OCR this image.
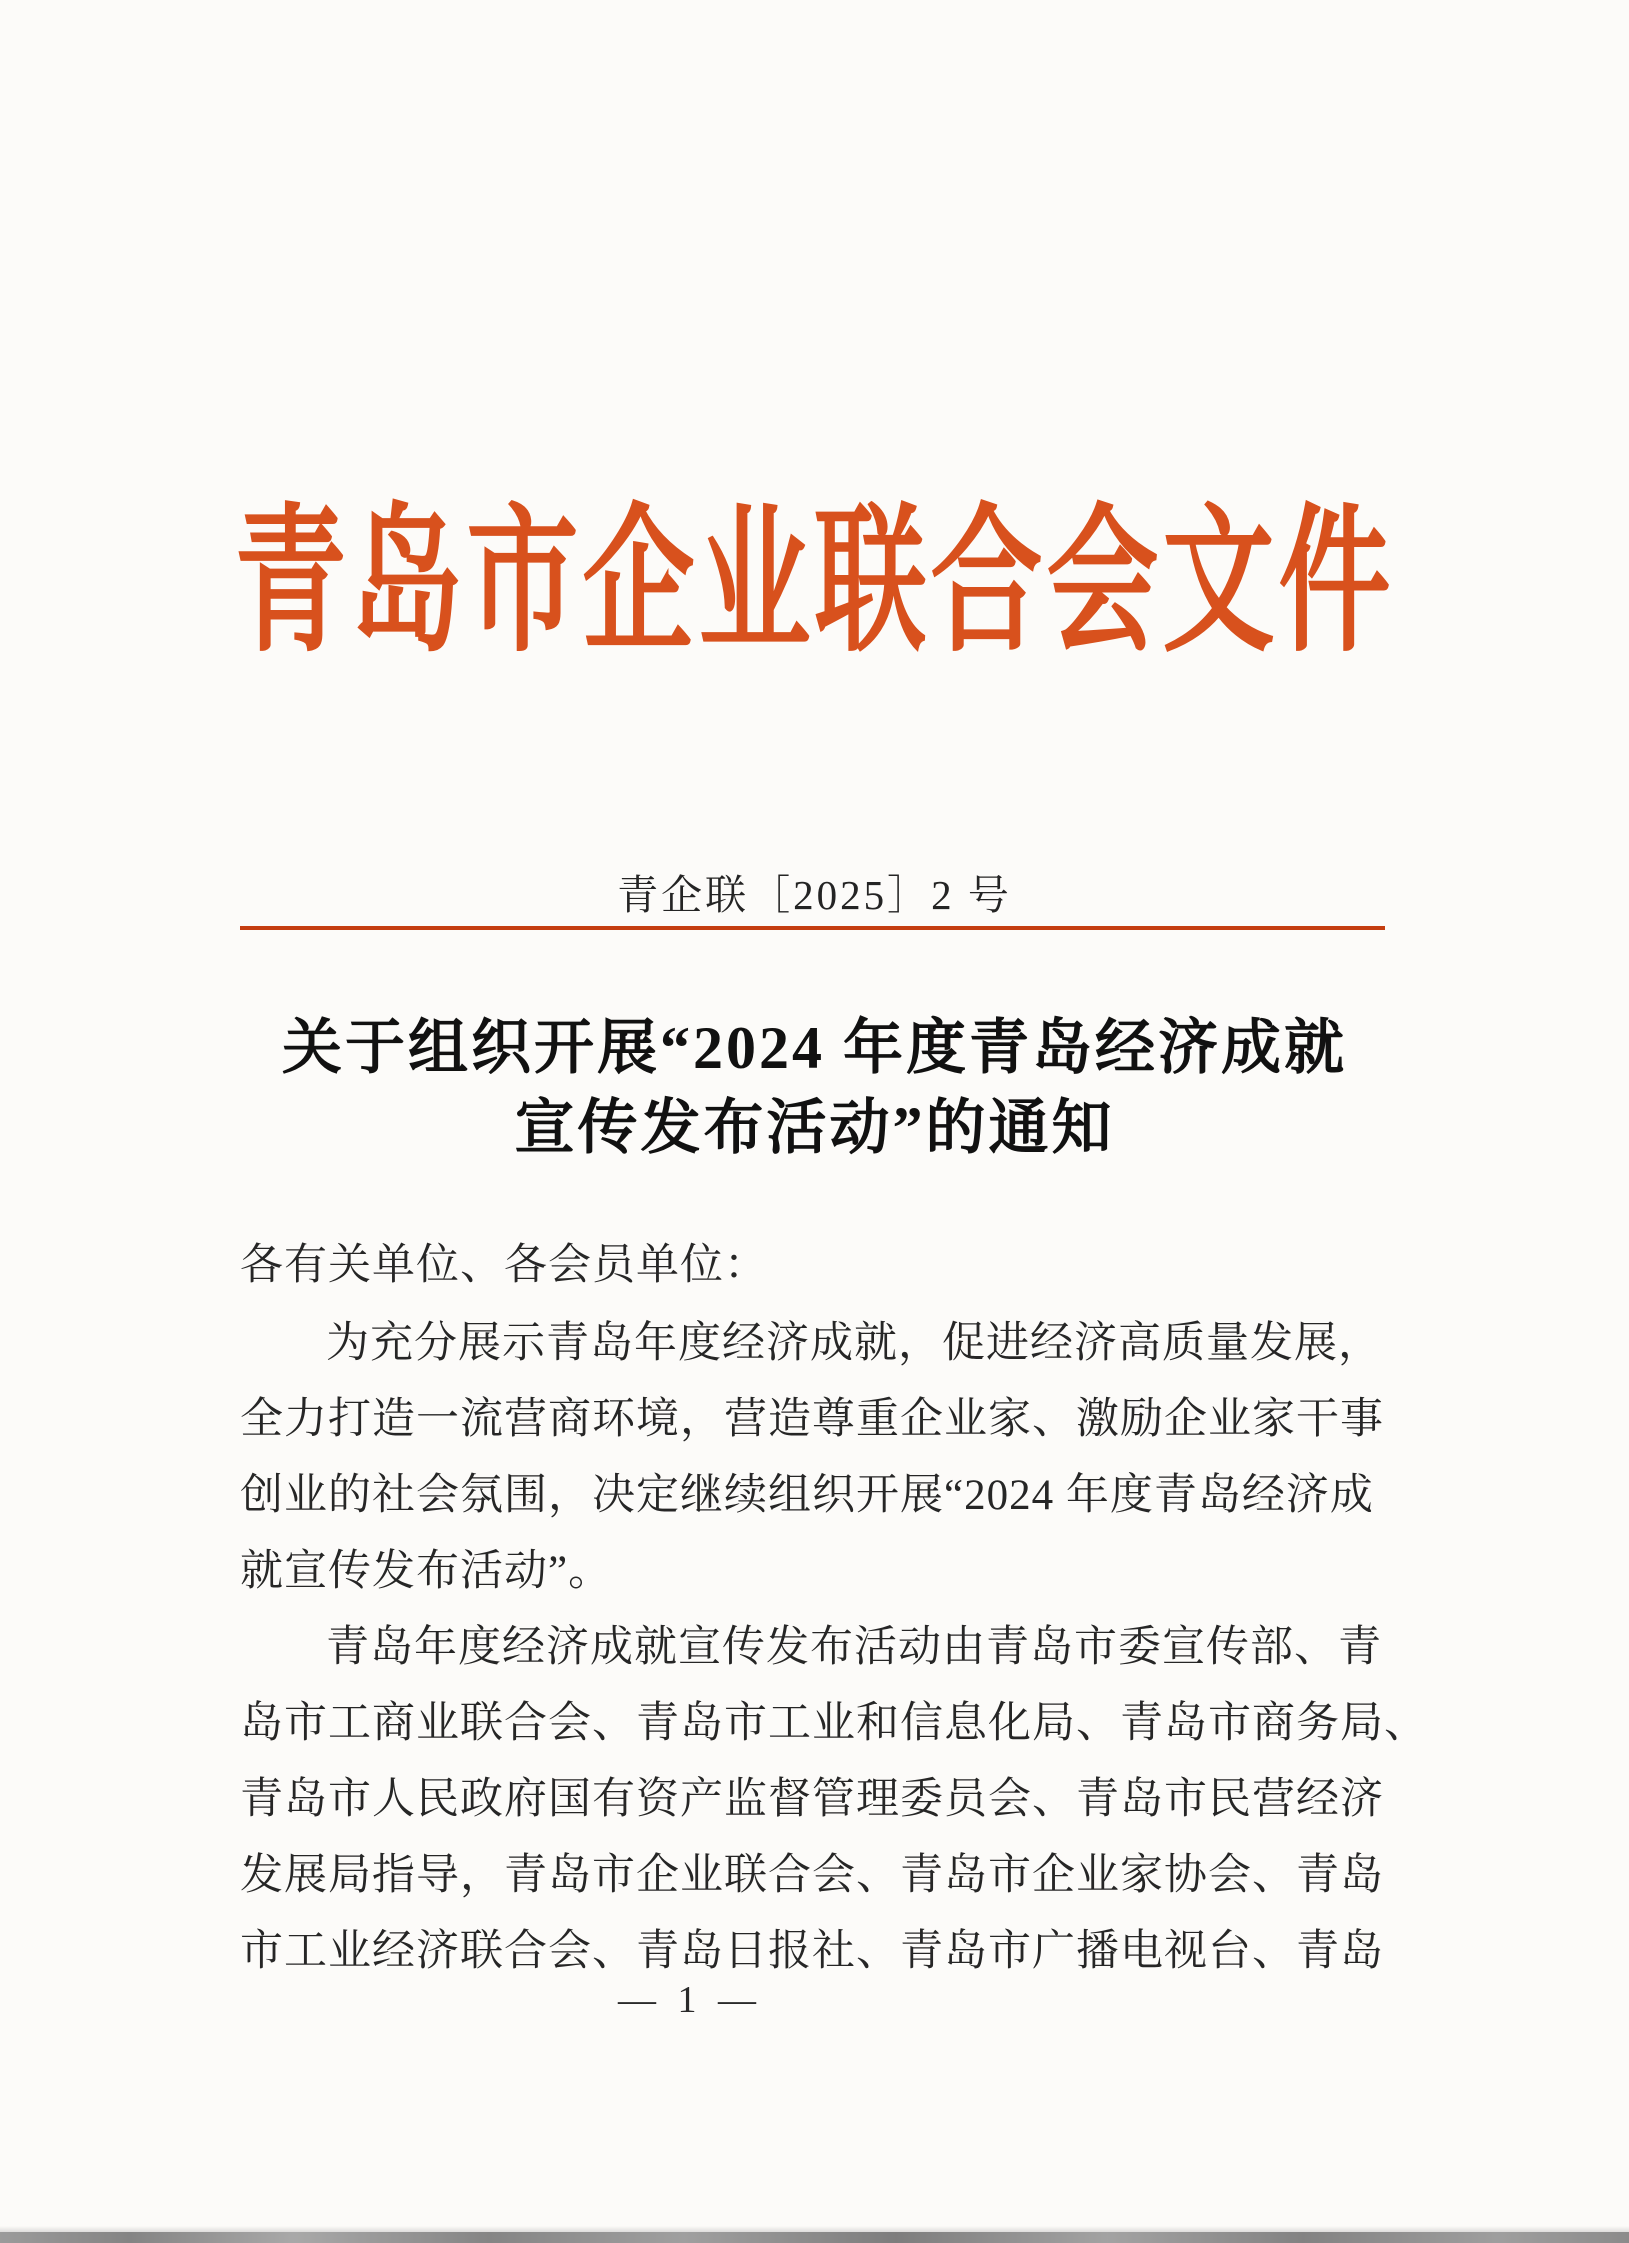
青岛市企业联合会文件
青企联［2025］2 号
关于组织开展“2024 年度青岛经济成就
宣传发布活动”的通知
各有关单位、各会员单位：
为充分展示青岛年度经济成就，促进经济高质量发展，
全力打造一流营商环境，营造尊重企业家、激励企业家干事
创业的社会氛围，决定继续组织开展“2024 年度青岛经济成
就宣传发布活动”。
青岛年度经济成就宣传发布活动由青岛市委宣传部、青
岛市工商业联合会、青岛市工业和信息化局、青岛市商务局、
青岛市人民政府国有资产监督管理委员会、青岛市民营经济
发展局指导，青岛市企业联合会、青岛市企业家协会、青岛
市工业经济联合会、青岛日报社、青岛市广播电视台、青岛
— 1 —
